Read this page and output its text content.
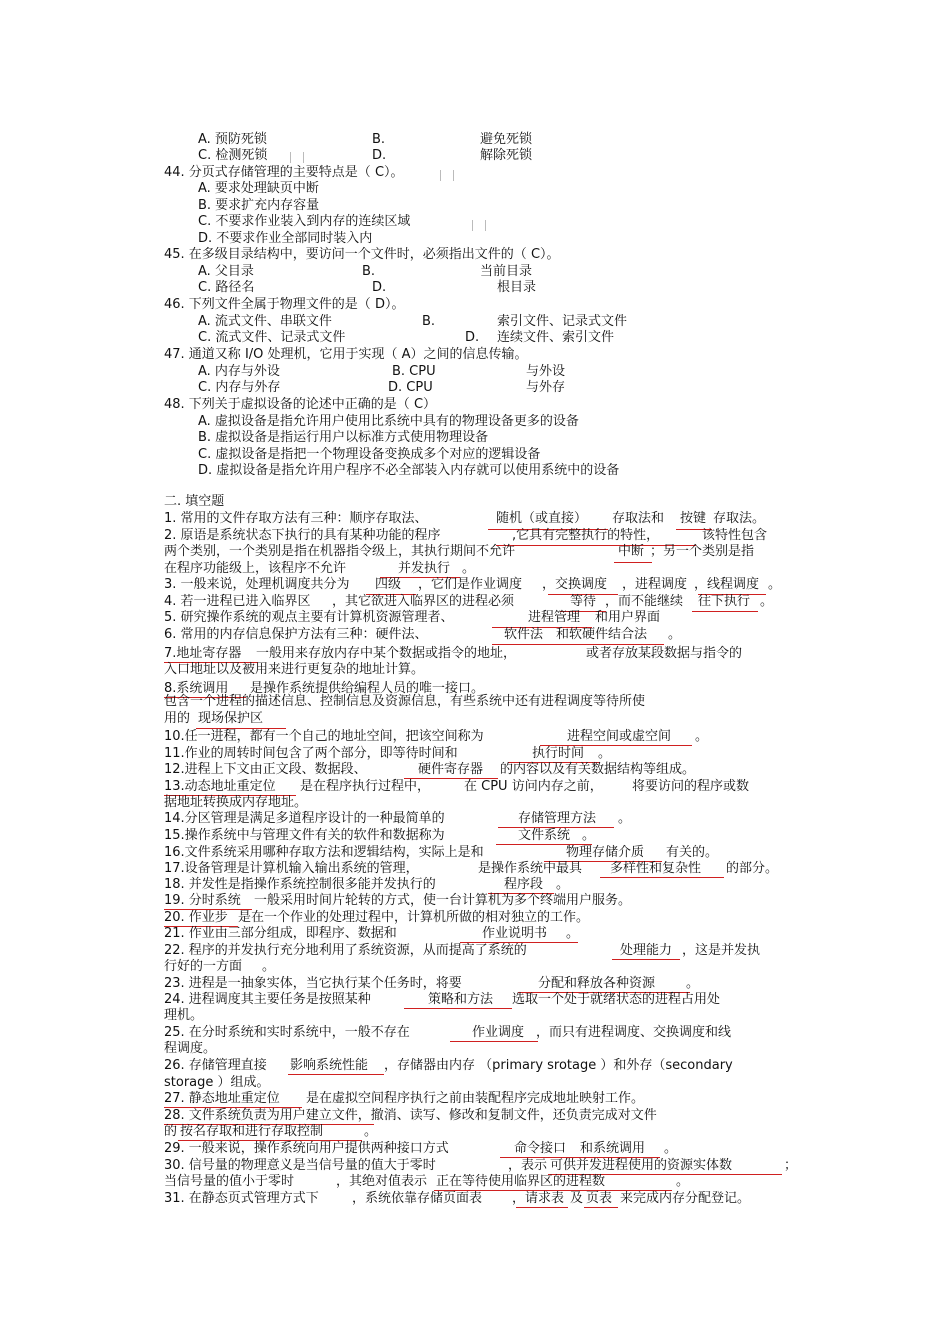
A. 预防死锁	B.	避免死锁
C. 检测死锁	D.	解除死锁
44. 分页式存储管理的主要特点是（ C）。
A. 要求处理缺页中断
B. 要求扩充内存容量
C. 不要求作业装入到内存的连续区域
D. 不要求作业全部同时装入内
45. 在多级目录结构中，要访问一个文件时，必须指出文件的（ C）。
A. 父目录	B.	当前目录
C. 路径名	D.	根目录
46. 下列文件全属于物理文件的是（ D）。
A. 流式文件、串联文件	B.	索引文件、记录式文件
C. 流式文件、记录式文件	D. 连续文件、索引文件
47. 通道又称 I/O 处理机，它用于实现（ A）之间的信息传输。
A. 内存与外设	B. CPU	与外设
C. 内存与外存	D. CPU	与外存
48. 下列关于虚拟设备的论述中正确的是（ C）
A. 虚拟设备是指允许用户使用比系统中具有的物理设备更多的设备
B. 虚拟设备是指运行用户以标准方式使用物理设备
C. 虚拟设备是指把一个物理设备变换成多个对应的逻辑设备
D. 虚拟设备是指允许用户程序不必全部装入内存就可以使用系统中的设备
二. 填空题
1. 常用的文件存取方法有三种：顺序存取法、	随机（或直接） 存取法和 按键 存取法。
2. 原语是系统状态下执行的具有某种功能的程序	,它具有完整执行的特性，	该特性包含
两个类别，一个类别是指在机器指令级上，其执行期间不允许	中断 ；另一个类别是指
在程序功能级上，该程序不允许	并发执行 。
3. 一般来说，处理机调度共分为 四级 ，它们是作业调度 ，交换调度 ，进程调度 ，线程调度 。
4. 若一进程已进入临界区 ，其它欲进入临界区的进程必须	等待 ，而不能继续 往下执行 。
5. 研究操作系统的观点主要有计算机资源管理者、	进程管理 和用户界面
6. 常用的内存信息保护方法有三种：硬件法、	软件法 和软硬件结合法 。
7.地址寄存器 一般用来存放内存中某个数据或指令的地址，	或者存放某段数据与指令的
入口地址以及被用来进行更复杂的地址计算。
8.系统调用 是操作系统提供给编程人员的唯一接口。
包含一个进程的描述信息、控制信息及资源信息，有些系统中还有进程调度等待所使
用的 现场保护区
10.任一进程，都有一个自己的地址空间，把该空间称为	进程空间或虚空间 。
11.作业的周转时间包含了两个部分，即等待时间和	执行时间 。
12.进程上下文由正文段、数据段、	硬件寄存器 的内容以及有关数据结构等组成。
13.动态地址重定位 是在程序执行过程中，	在 CPU 访问内存之前， 将要访问的程序或数
据地址转换成内存地址。
14.分区管理是满足多道程序设计的一种最简单的	存储管理方法 。
15.操作系统中与管理文件有关的软件和数据称为	文件系统 。
16.文件系统采用哪种存取方法和逻辑结构，实际上是和	物理存储介质 有关的。
17.设备管理是计算机输入输出系统的管理，	是操作系统中最具 多样性和复杂性 的部分。
18. 并发性是指操作系统控制很多能并发执行的	程序段 。
19. 分时系统 一般采用时间片轮转的方式，使一台计算机为多个终端用户服务。
20. 作业步 是在一个作业的处理过程中，计算机所做的相对独立的工作。
21. 作业由三部分组成，即程序、数据和	作业说明书 。
22. 程序的并发执行充分地利用了系统资源，从而提高了系统的	处理能力 ，这是并发执
行好的一方面 。
23. 进程是一抽象实体，当它执行某个任务时，将要	分配和释放各种资源 。
24. 进程调度其主要任务是按照某种	策略和方法 选取一个处于就绪状态的进程占用处
理机。
25. 在分时系统和实时系统中，一般不存在	作业调度 ，而只有进程调度、交换调度和线
程调度。
26. 存储管理直接 影响系统性能 ，存储器由内存 （primary srotage ）和外存（secondary
storage ）组成。
27. 静态地址重定位 是在虚拟空间程序执行之前由装配程序完成地址映射工作。
28. 文件系统负责为用户建立文件，撤消、读写、修改和复制文件，还负责完成对文件
的 按名存取和进行存取控制	。
29. 一般来说，操作系统向用户提供两种接口方式	命令接口 和系统调用 。
30. 信号量的物理意义是当信号量的值大于零时	，表示 可供并发进程使用的资源实体数	；
当信号量的值小于零时	，其绝对值表示 正在等待使用临界区的进程数	。
31. 在静态页式管理方式下	，系统依靠存储页面表 ，请求表 及 页表 来完成内存分配登记。
